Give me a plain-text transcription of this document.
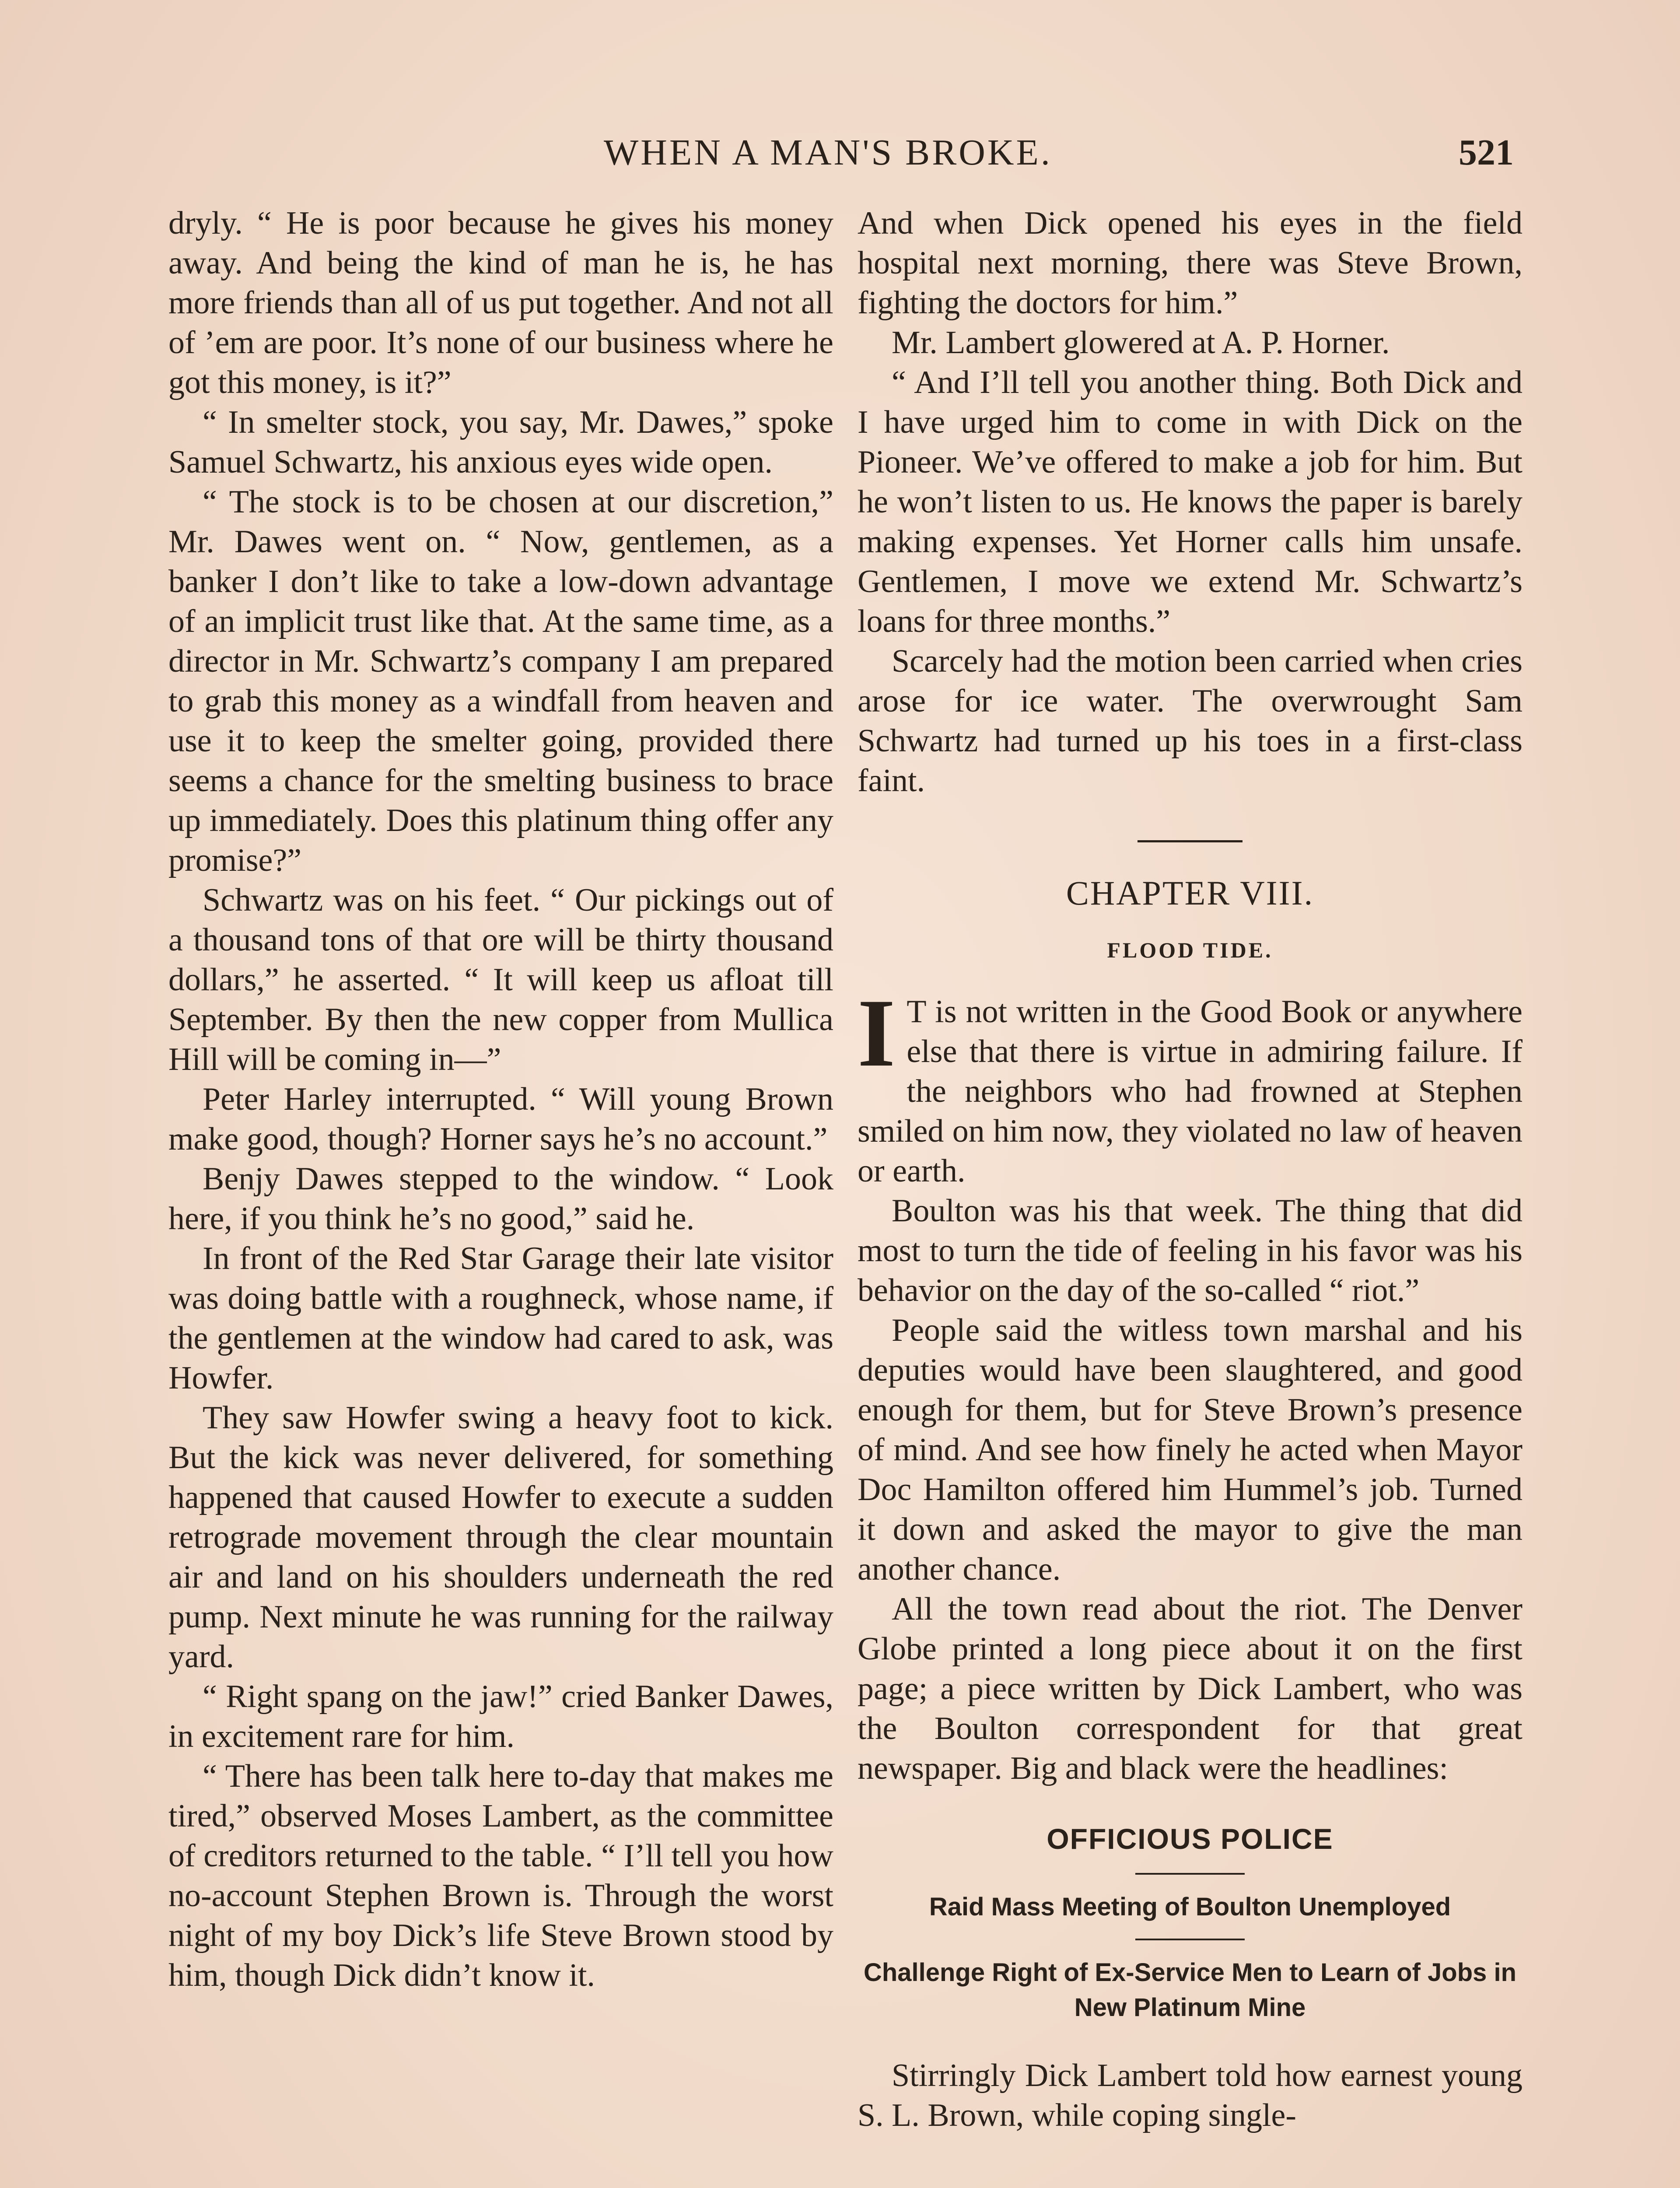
WHEN A MAN'S BROKE.	521

dryly. “ He is poor because he gives his money away. And being the kind of man he is, he has more friends than all of us put together. And not all of ’em are poor. It’s none of our business where he got this money, is it?”

“ In smelter stock, you say, Mr. Dawes,” spoke Samuel Schwartz, his anxious eyes wide open.

“ The stock is to be chosen at our discretion,” Mr. Dawes went on. “ Now, gentlemen, as a banker I don’t like to take a low-down advantage of an implicit trust like that. At the same time, as a director in Mr. Schwartz’s company I am prepared to grab this money as a windfall from heaven and use it to keep the smelter going, provided there seems a chance for the smelting business to brace up immediately. Does this platinum thing offer any promise?”

Schwartz was on his feet. “ Our pickings out of a thousand tons of that ore will be thirty thousand dollars,” he asserted. “ It will keep us afloat till September. By then the new copper from Mullica Hill will be coming in—”

Peter Harley interrupted. “ Will young Brown make good, though? Horner says he’s no account.”

Benjy Dawes stepped to the window. “ Look here, if you think he’s no good,” said he.

In front of the Red Star Garage their late visitor was doing battle with a roughneck, whose name, if the gentlemen at the window had cared to ask, was Howfer.

They saw Howfer swing a heavy foot to kick. But the kick was never delivered, for something happened that caused Howfer to execute a sudden retrograde movement through the clear mountain air and land on his shoulders underneath the red pump. Next minute he was running for the railway yard.

“ Right spang on the jaw!” cried Banker Dawes, in excitement rare for him.

“ There has been talk here to-day that makes me tired,” observed Moses Lambert, as the committee of creditors returned to the table. “ I’ll tell you how no-account Stephen Brown is. Through the worst night of my boy Dick’s life Steve Brown stood by him, though Dick didn’t know it.

And when Dick opened his eyes in the field hospital next morning, there was Steve Brown, fighting the doctors for him.”

Mr. Lambert glowered at A. P. Horner.

“ And I’ll tell you another thing. Both Dick and I have urged him to come in with Dick on the Pioneer. We’ve offered to make a job for him. But he won’t listen to us. He knows the paper is barely making expenses. Yet Horner calls him unsafe. Gentlemen, I move we extend Mr. Schwartz’s loans for three months.”

Scarcely had the motion been carried when cries arose for ice water. The overwrought Sam Schwartz had turned up his toes in a first-class faint.

CHAPTER VIII.
FLOOD TIDE.
I T is not written in the Good Book or anywhere else that there is virtue in admiring failure. If the neighbors who had frowned at Stephen smiled on him now, they violated no law of heaven or earth.

Boulton was his that week. The thing that did most to turn the tide of feeling in his favor was his behavior on the day of the so-called “ riot.”

People said the witless town marshal and his deputies would have been slaughtered, and good enough for them, but for Steve Brown’s presence of mind. And see how finely he acted when Mayor Doc Hamilton offered him Hummel’s job. Turned it down and asked the mayor to give the man another chance.

All the town read about the riot. The Denver Globe printed a long piece about it on the first page; a piece written by Dick Lambert, who was the Boulton correspondent for that great newspaper. Big and black were the headlines:

OFFICIOUS POLICE
Raid Mass Meeting of Boulton Unemployed
Challenge Right of Ex-Service Men to Learn of Jobs in New Platinum Mine

Stirringly Dick Lambert told how earnest young S. L. Brown, while coping single-
